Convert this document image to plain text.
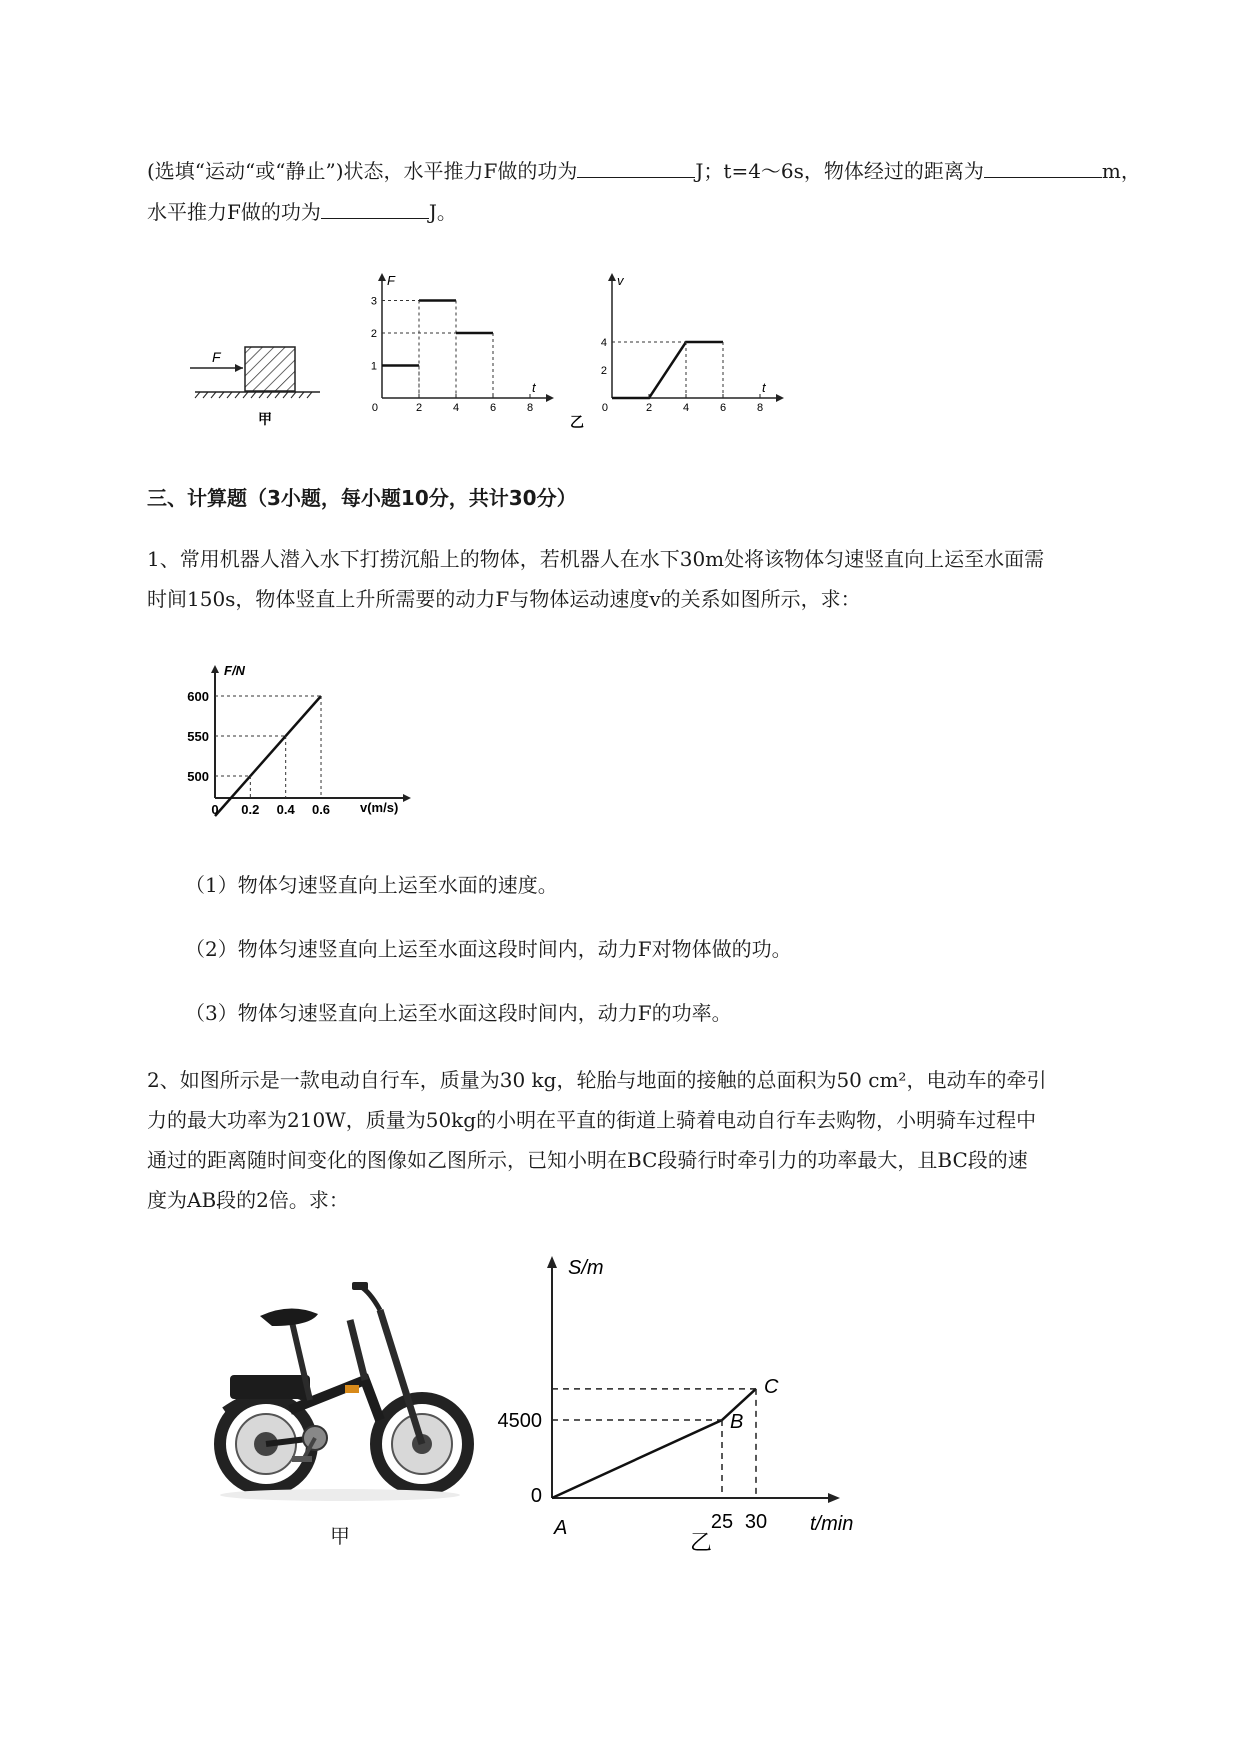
(选填“运动“或“静止”)状态，水平推力F做的功为	J；t=4～6s，物体经过的距离为	m，
水平推力F做的功为	J。
F
甲
F
t
0	2	4	6	8
1
2
3
v
t
0
乙
2	4	6	8
2
4
三、计算题（3小题，每小题10分，共计30分）
1、常用机器人潜入水下打捞沉船上的物体，若机器人在水下30m处将该物体匀速竖直向上运至水面需
时间150s，物体竖直上升所需要的动力F与物体运动速度v的关系如图所示，求：
F/N
v(m/s)
600
550
500
0 0.2 0.4 0.6
（1）物体匀速竖直向上运至水面的速度。
（2）物体匀速竖直向上运至水面这段时间内，动力F对物体做的功。
（3）物体匀速竖直向上运至水面这段时间内，动力F的功率。
2、如图所示是一款电动自行车，质量为30 kg，轮胎与地面的接触的总面积为50 cm²，电动车的牵引
力的最大功率为210W，质量为50kg的小明在平直的街道上骑着电动自行车去购物，小明骑车过程中
通过的距离随时间变化的图像如乙图所示，已知小明在BC段骑行时牵引力的功率最大，且BC段的速
度为AB段的2倍。求：
甲
S/m
t/min
0
乙
4500
25 30
A
B
C
